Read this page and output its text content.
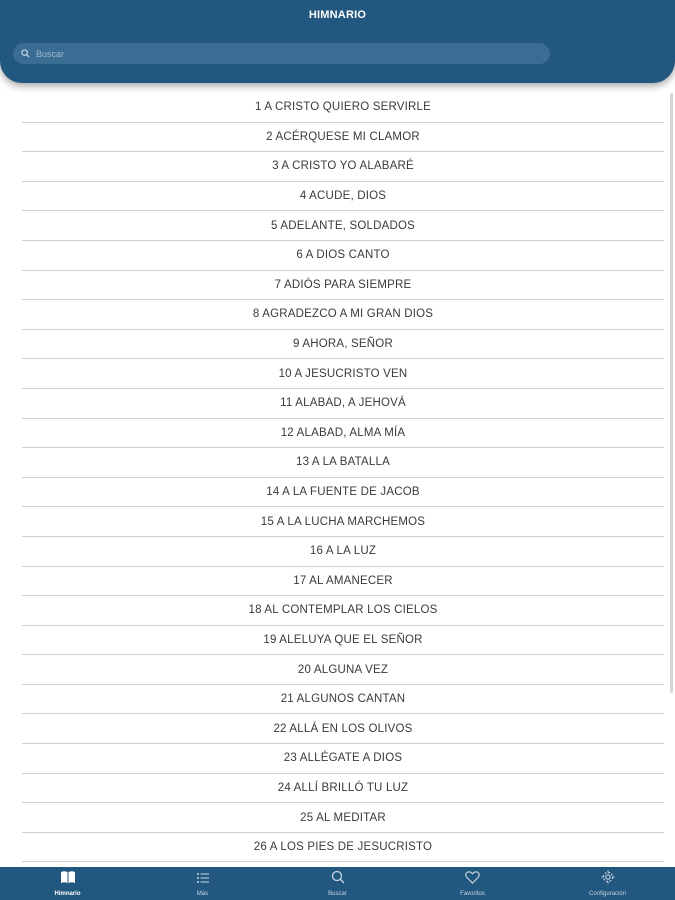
HIMNARIO
Buscar
1 A CRISTO QUIERO SERVIRLE
2 ACÉRQUESE MI CLAMOR
3 A CRISTO YO ALABARÉ
4 ACUDE, DIOS
5 ADELANTE, SOLDADOS
6 A DIOS CANTO
7 ADIÓS PARA SIEMPRE
8 AGRADEZCO A MI GRAN DIOS
9 AHORA, SEÑOR
10 A JESUCRISTO VEN
11 ALABAD, A JEHOVÁ
12 ALABAD, ALMA MÍA
13 A LA BATALLA
14 A LA FUENTE DE JACOB
15 A LA LUCHA MARCHEMOS
16 A LA LUZ
17 AL AMANECER
18 AL CONTEMPLAR LOS CIELOS
19 ALELUYA QUE EL SEÑOR
20 ALGUNA VEZ
21 ALGUNOS CANTAN
22 ALLÁ EN LOS OLIVOS
23 ALLÉGATE A DIOS
24 ALLÍ BRILLÓ TU LUZ
25 AL MEDITAR
26 A LOS PIES DE JESUCRISTO
Himnario	Más	Buscar	Favoritos	Configuración
